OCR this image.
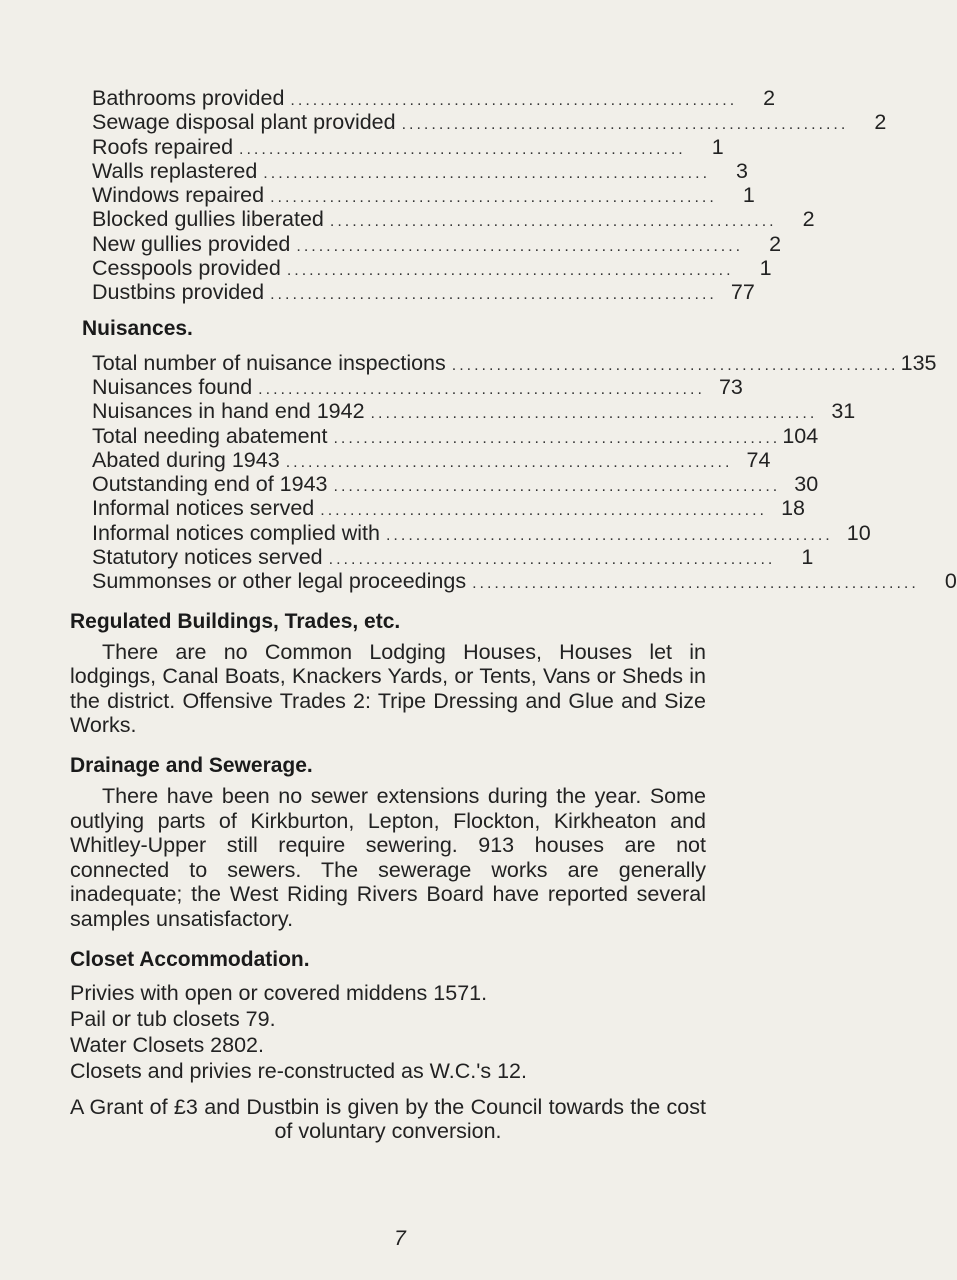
Bathrooms provided ............................................................	2
Sewage disposal plant provided ............................................................	2
Roofs repaired ............................................................	1
Walls replastered ............................................................	3
Windows repaired ............................................................	1
Blocked gullies liberated ............................................................	2
New gullies provided ............................................................	2
Cesspools provided ............................................................	1
Dustbins provided ............................................................ 77
Nuisances.
Total number of nuisance inspections ............................................................ 135
Nuisances found ............................................................ 73
Nuisances in hand end 1942 ............................................................ 31
Total needing abatement ............................................................ 104
Abated during 1943 ............................................................ 74
Outstanding end of 1943 ............................................................ 30
Informal notices served ............................................................ 18
Informal notices complied with ............................................................ 10
Statutory notices served ............................................................	1
Summonses or other legal proceedings ............................................................	0
Regulated Buildings, Trades, etc.

There are no Common Lodging Houses, Houses let in lodgings, Canal Boats, Knackers Yards, or Tents, Vans or Sheds in the district. Offensive Trades 2: Tripe Dressing and Glue and Size Works.

Drainage and Sewerage.

There have been no sewer extensions during the year. Some outlying parts of Kirkburton, Lepton, Flockton, Kirkheaton and Whitley-Upper still require sewering. 913 houses are not connected to sewers. The sewerage works are generally inadequate; the West Riding Rivers Board have reported several samples unsatisfactory.

Closet Accommodation.
Privies with open or covered middens 1571.
Pail or tub closets 79.
Water Closets 2802.
Closets and privies re-constructed as W.C.'s 12.

A Grant of £3 and Dustbin is given by the Council towards the cost of voluntary conversion.

7
